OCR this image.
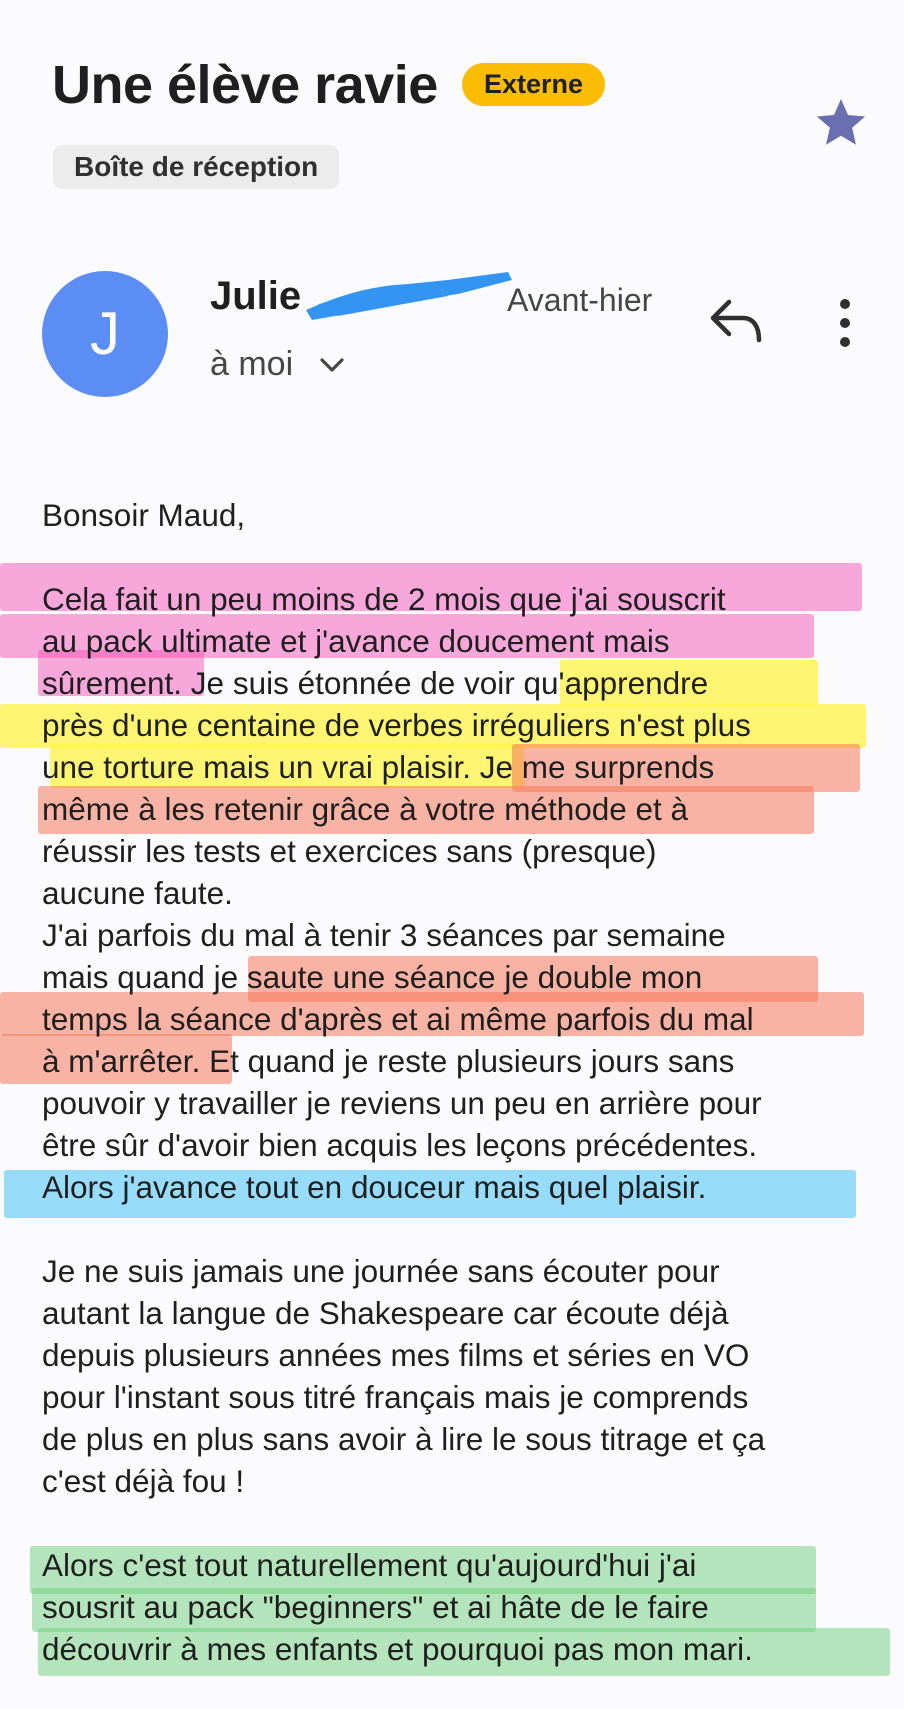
Une élève ravie	Externe
Boîte de réception
J
Julie	Avant-hier
à moi
Bonsoir Maud,
Cela fait un peu moins de 2 mois que j'ai souscrit
au pack ultimate et j'avance doucement mais
sûrement. Je suis étonnée de voir qu'apprendre
près d'une centaine de verbes irréguliers n'est plus
une torture mais un vrai plaisir. Je me surprends
même à les retenir grâce à votre méthode et à
réussir les tests et exercices sans (presque)
aucune faute.
J'ai parfois du mal à tenir 3 séances par semaine
mais quand je saute une séance je double mon
temps la séance d'après et ai même parfois du mal
à m'arrêter. Et quand je reste plusieurs jours sans
pouvoir y travailler je reviens un peu en arrière pour
être sûr d'avoir bien acquis les leçons précédentes.
Alors j'avance tout en douceur mais quel plaisir.
Je ne suis jamais une journée sans écouter pour
autant la langue de Shakespeare car écoute déjà
depuis plusieurs années mes films et séries en VO
pour l'instant sous titré français mais je comprends
de plus en plus sans avoir à lire le sous titrage et ça
c'est déjà fou !
Alors c'est tout naturellement qu'aujourd'hui j'ai
sousrit au pack "beginners" et ai hâte de le faire
découvrir à mes enfants et pourquoi pas mon mari.
